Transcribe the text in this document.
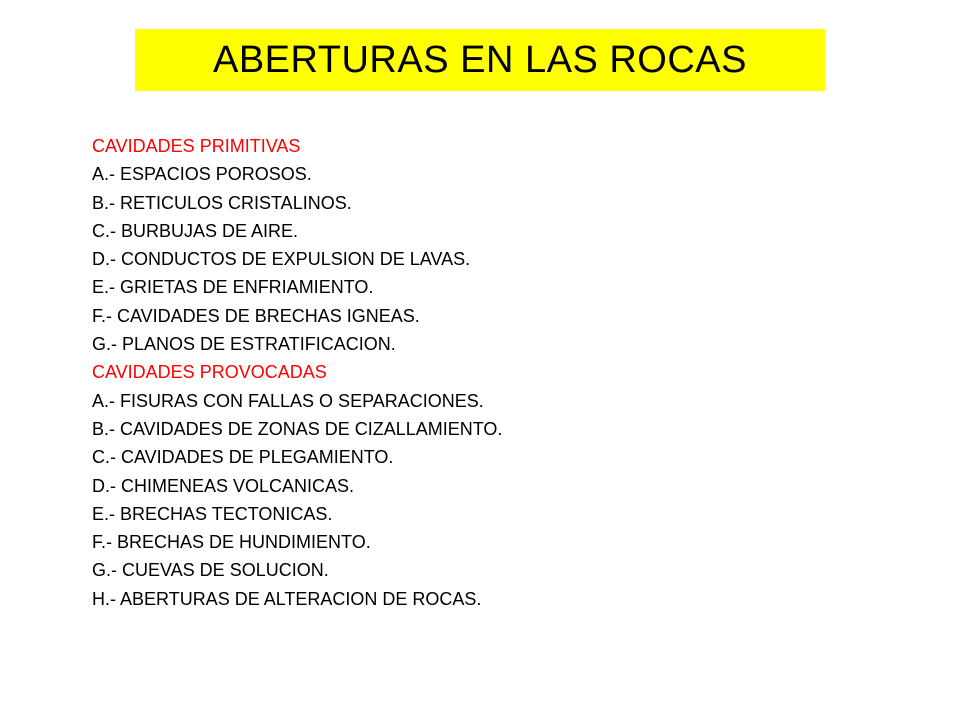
ABERTURAS EN LAS ROCAS
CAVIDADES PRIMITIVAS
A.- ESPACIOS POROSOS.
B.- RETICULOS CRISTALINOS.
C.- BURBUJAS DE AIRE.
D.- CONDUCTOS DE EXPULSION DE LAVAS.
E.- GRIETAS DE ENFRIAMIENTO.
F.- CAVIDADES DE BRECHAS IGNEAS.
G.- PLANOS DE ESTRATIFICACION.
CAVIDADES PROVOCADAS
A.- FISURAS CON FALLAS O SEPARACIONES.
B.- CAVIDADES DE ZONAS DE CIZALLAMIENTO.
C.- CAVIDADES DE PLEGAMIENTO.
D.- CHIMENEAS VOLCANICAS.
E.- BRECHAS TECTONICAS.
F.- BRECHAS DE HUNDIMIENTO.
G.- CUEVAS DE SOLUCION.
H.- ABERTURAS DE ALTERACION DE ROCAS.
